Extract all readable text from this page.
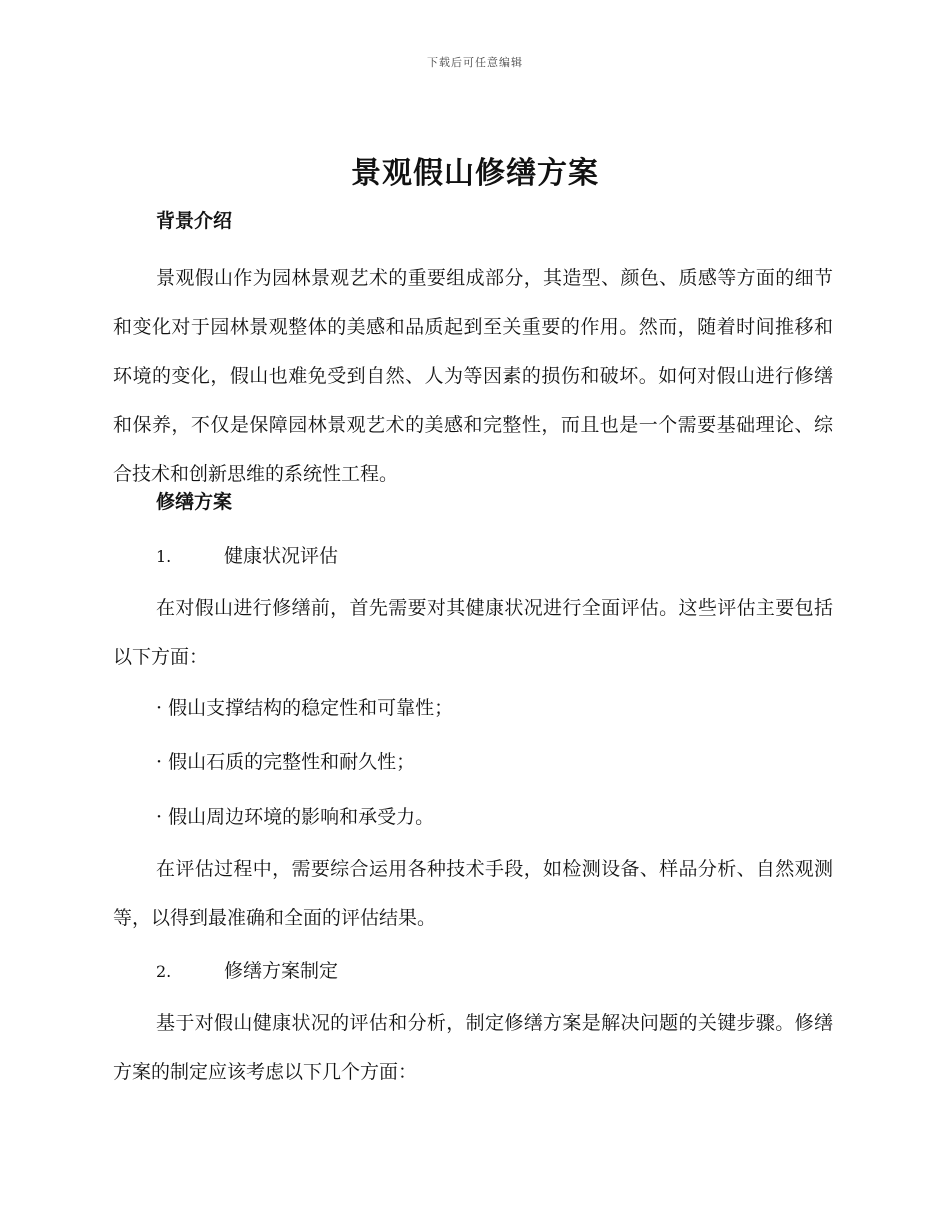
下载后可任意编辑
景观假山修缮方案
背景介绍

景观假山作为园林景观艺术的重要组成部分，其造型、颜色、质感等方面的细节和变化对于园林景观整体的美感和品质起到至关重要的作用。然而，随着时间推移和环境的变化，假山也难免受到自然、人为等因素的损伤和破坏。如何对假山进行修缮和保养，不仅是保障园林景观艺术的美感和完整性，而且也是一个需要基础理论、综合技术和创新思维的系统性工程。

修缮方案
1.	健康状况评估

在对假山进行修缮前，首先需要对其健康状况进行全面评估。这些评估主要包括以下方面：

· 假山支撑结构的稳定性和可靠性；
· 假山石质的完整性和耐久性；
· 假山周边环境的影响和承受力。

在评估过程中，需要综合运用各种技术手段，如检测设备、样品分析、自然观测等，以得到最准确和全面的评估结果。

2.	修缮方案制定

基于对假山健康状况的评估和分析，制定修缮方案是解决问题的关键步骤。修缮方案的制定应该考虑以下几个方面：
